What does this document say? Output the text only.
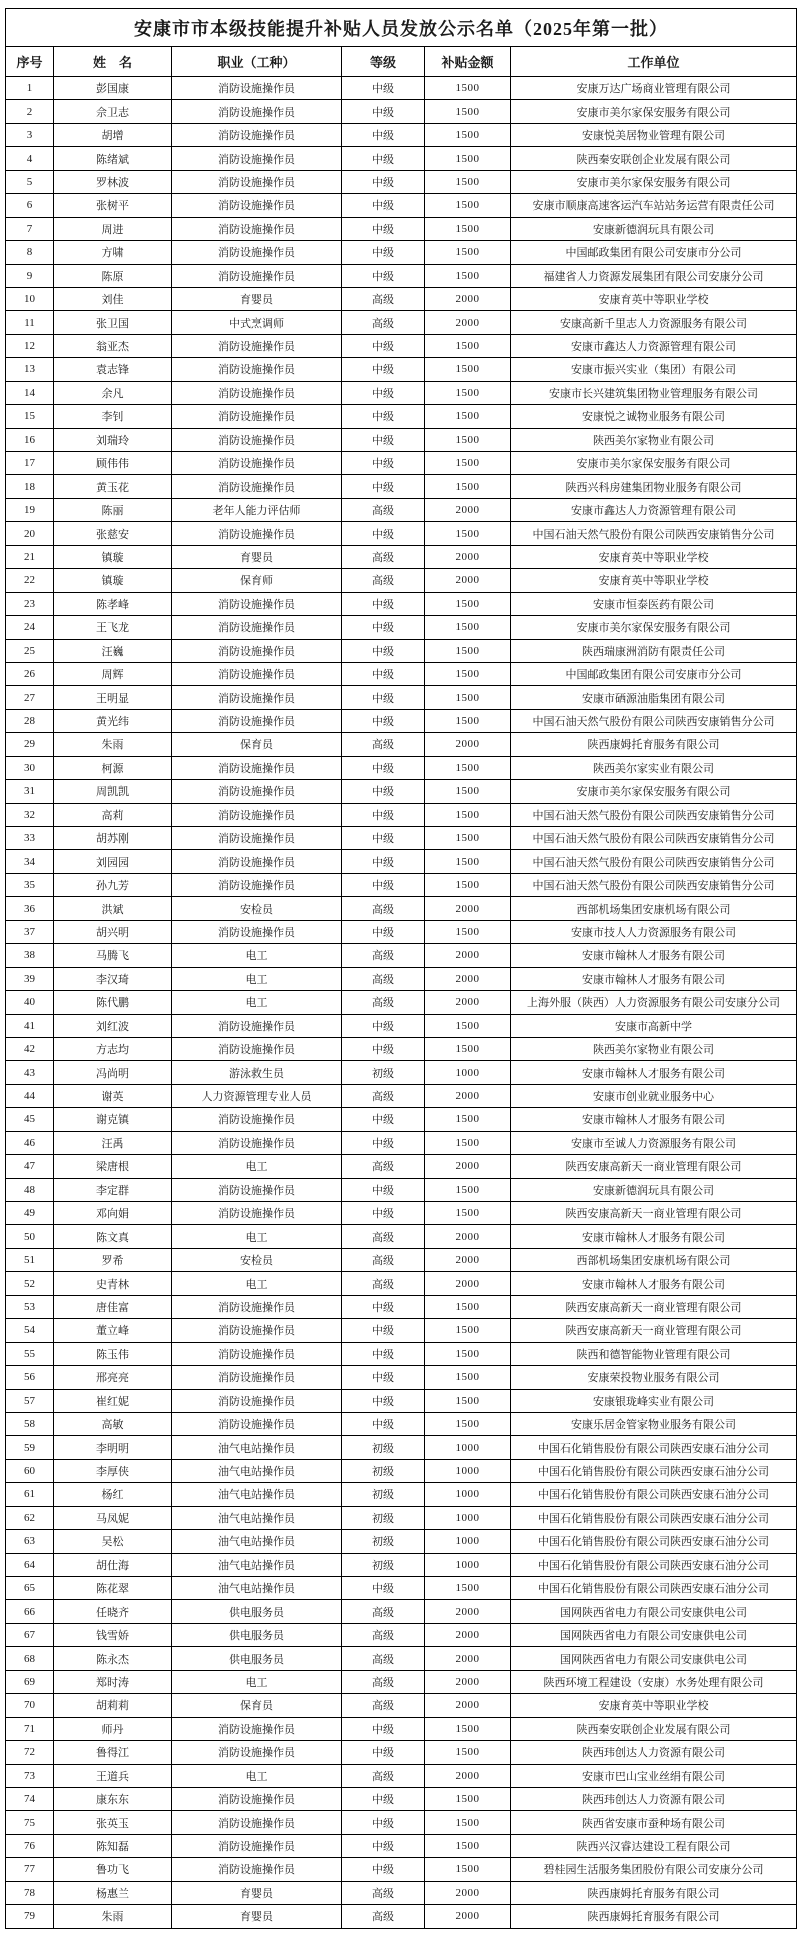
安康市市本级技能提升补贴人员发放公示名单（2025年第一批）					
序号	姓　名	职业（工种）	等级	补贴金额	工作单位
1	彭国康	消防设施操作员	中级	1500	安康万达广场商业管理有限公司
2	佘卫志	消防设施操作员	中级	1500	安康市美尔家保安服务有限公司
3	胡增	消防设施操作员	中级	1500	安康悦美居物业管理有限公司
4	陈绪斌	消防设施操作员	中级	1500	陕西秦安联创企业发展有限公司
5	罗林波	消防设施操作员	中级	1500	安康市美尔家保安服务有限公司
6	张树平	消防设施操作员	中级	1500	安康市顺康高速客运汽车站站务运营有限责任公司
7	周进	消防设施操作员	中级	1500	安康新德润玩具有限公司
8	方啸	消防设施操作员	中级	1500	中国邮政集团有限公司安康市分公司
9	陈原	消防设施操作员	中级	1500	福建省人力资源发展集团有限公司安康分公司
10	刘佳	育婴员	高级	2000	安康育英中等职业学校
11	张卫国	中式烹调师	高级	2000	安康高新千里志人力资源服务有限公司
12	翁亚杰	消防设施操作员	中级	1500	安康市鑫达人力资源管理有限公司
13	袁志锋	消防设施操作员	中级	1500	安康市振兴实业（集团）有限公司
14	余凡	消防设施操作员	中级	1500	安康市长兴建筑集团物业管理服务有限公司
15	李钊	消防设施操作员	中级	1500	安康悦之诚物业服务有限公司
16	刘瑞玲	消防设施操作员	中级	1500	陕西美尔家物业有限公司
17	顾伟伟	消防设施操作员	中级	1500	安康市美尔家保安服务有限公司
18	黄玉花	消防设施操作员	中级	1500	陕西兴科房建集团物业服务有限公司
19	陈丽	老年人能力评估师	高级	2000	安康市鑫达人力资源管理有限公司
20	张慈安	消防设施操作员	中级	1500	中国石油天然气股份有限公司陕西安康销售分公司
21	镇璇	育婴员	高级	2000	安康育英中等职业学校
22	镇璇	保育师	高级	2000	安康育英中等职业学校
23	陈孝峰	消防设施操作员	中级	1500	安康市恒泰医药有限公司
24	王飞龙	消防设施操作员	中级	1500	安康市美尔家保安服务有限公司
25	汪巍	消防设施操作员	中级	1500	陕西瑞康洲消防有限责任公司
26	周辉	消防设施操作员	中级	1500	中国邮政集团有限公司安康市分公司
27	王明显	消防设施操作员	中级	1500	安康市硒源油脂集团有限公司
28	黄光纬	消防设施操作员	中级	1500	中国石油天然气股份有限公司陕西安康销售分公司
29	朱雨	保育员	高级	2000	陕西康姆托育服务有限公司
30	柯源	消防设施操作员	中级	1500	陕西美尔家实业有限公司
31	周凯凯	消防设施操作员	中级	1500	安康市美尔家保安服务有限公司
32	高莉	消防设施操作员	中级	1500	中国石油天然气股份有限公司陕西安康销售分公司
33	胡苏刚	消防设施操作员	中级	1500	中国石油天然气股份有限公司陕西安康销售分公司
34	刘园园	消防设施操作员	中级	1500	中国石油天然气股份有限公司陕西安康销售分公司
35	孙九芳	消防设施操作员	中级	1500	中国石油天然气股份有限公司陕西安康销售分公司
36	洪斌	安检员	高级	2000	西部机场集团安康机场有限公司
37	胡兴明	消防设施操作员	中级	1500	安康市技人人力资源服务有限公司
38	马腾飞	电工	高级	2000	安康市翰林人才服务有限公司
39	李汉琦	电工	高级	2000	安康市翰林人才服务有限公司
40	陈代鹏	电工	高级	2000	上海外服（陕西）人力资源服务有限公司安康分公司
41	刘红波	消防设施操作员	中级	1500	安康市高新中学
42	方志均	消防设施操作员	中级	1500	陕西美尔家物业有限公司
43	冯尚明	游泳救生员	初级	1000	安康市翰林人才服务有限公司
44	谢英	人力资源管理专业人员	高级	2000	安康市创业就业服务中心
45	谢克镇	消防设施操作员	中级	1500	安康市翰林人才服务有限公司
46	汪禹	消防设施操作员	中级	1500	安康市至诚人力资源服务有限公司
47	梁唐根	电工	高级	2000	陕西安康高新天一商业管理有限公司
48	李定群	消防设施操作员	中级	1500	安康新德润玩具有限公司
49	邓向娟	消防设施操作员	中级	1500	陕西安康高新天一商业管理有限公司
50	陈文真	电工	高级	2000	安康市翰林人才服务有限公司
51	罗希	安检员	高级	2000	西部机场集团安康机场有限公司
52	史青林	电工	高级	2000	安康市翰林人才服务有限公司
53	唐佳富	消防设施操作员	中级	1500	陕西安康高新天一商业管理有限公司
54	董立峰	消防设施操作员	中级	1500	陕西安康高新天一商业管理有限公司
55	陈玉伟	消防设施操作员	中级	1500	陕西和德智能物业管理有限公司
56	邢亮亮	消防设施操作员	中级	1500	安康荣投物业服务有限公司
57	崔红妮	消防设施操作员	中级	1500	安康银珑峰实业有限公司
58	高敏	消防设施操作员	中级	1500	安康乐居金管家物业服务有限公司
59	李明明	油气电站操作员	初级	1000	中国石化销售股份有限公司陕西安康石油分公司
60	李厚侠	油气电站操作员	初级	1000	中国石化销售股份有限公司陕西安康石油分公司
61	杨红	油气电站操作员	初级	1000	中国石化销售股份有限公司陕西安康石油分公司
62	马凤妮	油气电站操作员	初级	1000	中国石化销售股份有限公司陕西安康石油分公司
63	吴松	油气电站操作员	初级	1000	中国石化销售股份有限公司陕西安康石油分公司
64	胡仕海	油气电站操作员	初级	1000	中国石化销售股份有限公司陕西安康石油分公司
65	陈花翠	油气电站操作员	中级	1500	中国石化销售股份有限公司陕西安康石油分公司
66	任晓齐	供电服务员	高级	2000	国网陕西省电力有限公司安康供电公司
67	钱雪娇	供电服务员	高级	2000	国网陕西省电力有限公司安康供电公司
68	陈永杰	供电服务员	高级	2000	国网陕西省电力有限公司安康供电公司
69	郑时涛	电工	高级	2000	陕西环境工程建设（安康）水务处理有限公司
70	胡莉莉	保育员	高级	2000	安康育英中等职业学校
71	师丹	消防设施操作员	中级	1500	陕西秦安联创企业发展有限公司
72	鲁得江	消防设施操作员	中级	1500	陕西玮创达人力资源有限公司
73	王道兵	电工	高级	2000	安康市巴山宝业丝绢有限公司
74	康东东	消防设施操作员	中级	1500	陕西玮创达人力资源有限公司
75	张英玉	消防设施操作员	中级	1500	陕西省安康市蚕种场有限公司
76	陈知磊	消防设施操作员	中级	1500	陕西兴汉睿达建设工程有限公司
77	鲁功飞	消防设施操作员	中级	1500	碧桂园生活服务集团股份有限公司安康分公司
78	杨惠兰	育婴员	高级	2000	陕西康姆托育服务有限公司
79	朱雨	育婴员	高级	2000	陕西康姆托育服务有限公司
